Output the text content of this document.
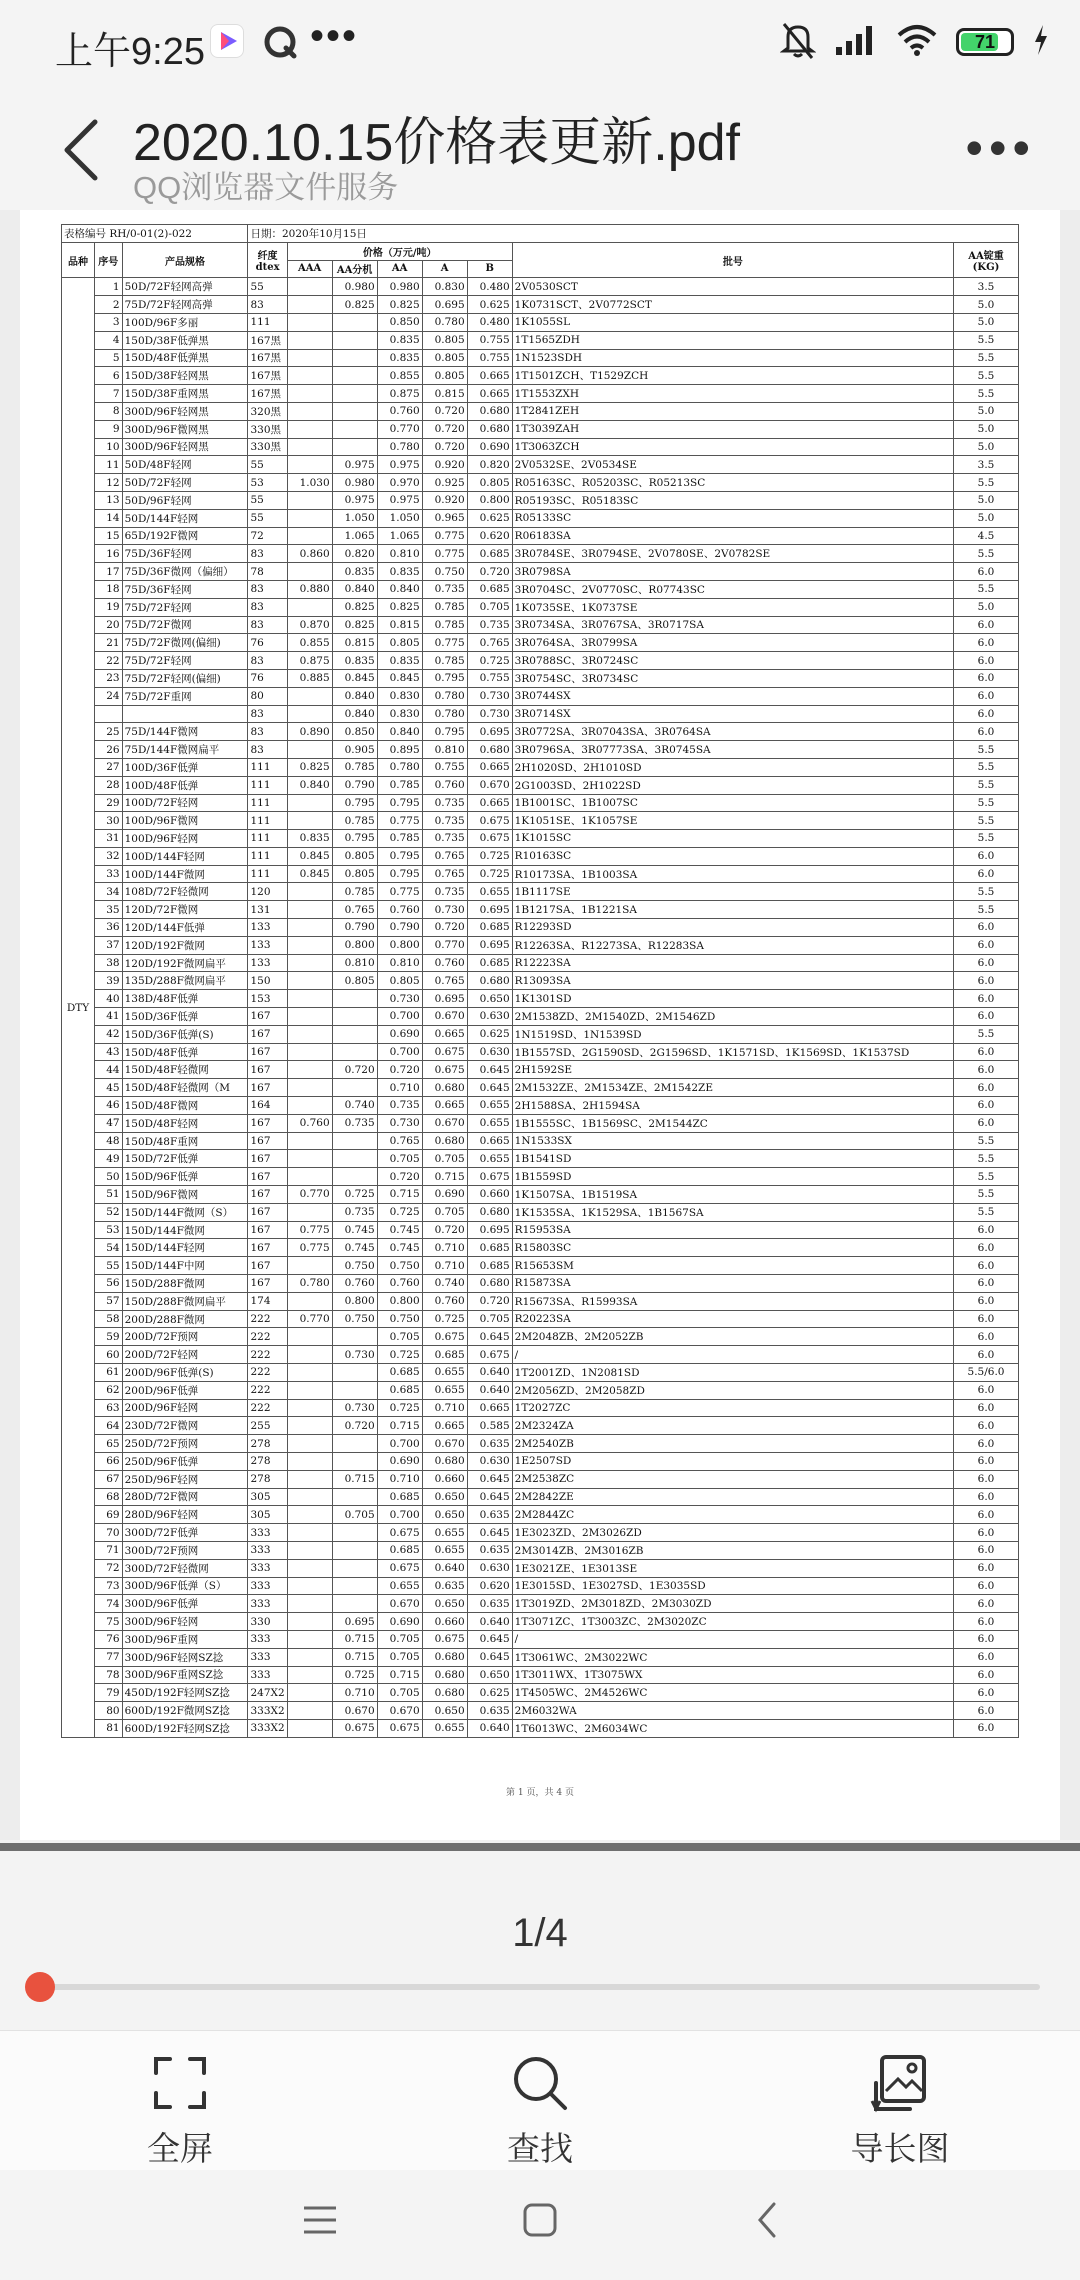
上午9:25	•••	71
2020.10.15价格表更新.pdf
QQ浏览器文件服务
•••
表格编号 RH/0-01(2)-022			日期：2020年10月15日							
品种	序号	产品规格	纤度 dtex	价格（万元/吨）					批号	AA锭重 (KG)
				AAA	AA分机	AA	A	B		
DTY	1	50D/72F轻网高弹	55		0.980	0.980	0.830	0.480	2V0530SCT	3.5
	2	75D/72F轻网高弹	83		0.825	0.825	0.695	0.625	1K0731SCT、2V0772SCT	5.0
	3	100D/96F多丽	111			0.850	0.780	0.480	1K1055SL	5.0
	4	150D/38F低弹黑	167黑			0.835	0.805	0.755	1T1565ZDH	5.5
	5	150D/48F低弹黑	167黑			0.835	0.805	0.755	1N1523SDH	5.5
	6	150D/38F轻网黑	167黑			0.855	0.805	0.665	1T1501ZCH、T1529ZCH	5.5
	7	150D/38F重网黑	167黑			0.875	0.815	0.665	1T1553ZXH	5.5
	8	300D/96F轻网黑	320黑			0.760	0.720	0.680	1T2841ZEH	5.0
	9	300D/96F微网黑	330黑			0.770	0.720	0.680	1T3039ZAH	5.0
	10	300D/96F轻网黑	330黑			0.780	0.720	0.690	1T3063ZCH	5.0
	11	50D/48F轻网	55		0.975	0.975	0.920	0.820	2V0532SE、2V0534SE	3.5
	12	50D/72F轻网	53	1.030	0.980	0.970	0.925	0.805	R05163SC、R05203SC、R05213SC	5.5
	13	50D/96F轻网	55		0.975	0.975	0.920	0.800	R05193SC、R05183SC	5.0
	14	50D/144F轻网	55		1.050	1.050	0.965	0.625	R05133SC	5.0
	15	65D/192F微网	72		1.065	1.065	0.775	0.620	R06183SA	4.5
	16	75D/36F轻网	83	0.860	0.820	0.810	0.775	0.685	3R0784SE、3R0794SE、2V0780SE、2V0782SE	5.5
	17	75D/36F微网（偏细）	78		0.835	0.835	0.750	0.720	3R0798SA	6.0
	18	75D/36F轻网	83	0.880	0.840	0.840	0.735	0.685	3R0704SC、2V0770SC、R07743SC	5.5
	19	75D/72F轻网	83		0.825	0.825	0.785	0.705	1K0735SE、1K0737SE	5.0
	20	75D/72F微网	83	0.870	0.825	0.815	0.785	0.735	3R0734SA、3R0767SA、3R0717SA	6.0
	21	75D/72F微网(偏细)	76	0.855	0.815	0.805	0.775	0.765	3R0764SA、3R0799SA	6.0
	22	75D/72F轻网	83	0.875	0.835	0.835	0.785	0.725	3R0788SC、3R0724SC	6.0
	23	75D/72F轻网(偏细)	76	0.885	0.845	0.845	0.795	0.755	3R0754SC、3R0734SC	6.0
	24	75D/72F重网	80		0.840	0.830	0.780	0.730	3R0744SX	6.0
			83		0.840	0.830	0.780	0.730	3R0714SX	6.0
	25	75D/144F微网	83	0.890	0.850	0.840	0.795	0.695	3R0772SA、3R07043SA、3R0764SA	6.0
	26	75D/144F微网扁平	83		0.905	0.895	0.810	0.680	3R0796SA、3R07773SA、3R0745SA	5.5
	27	100D/36F低弹	111	0.825	0.785	0.780	0.755	0.665	2H1020SD、2H1010SD	5.5
	28	100D/48F低弹	111	0.840	0.790	0.785	0.760	0.670	2G1003SD、2H1022SD	5.5
	29	100D/72F轻网	111		0.795	0.795	0.735	0.665	1B1001SC、1B1007SC	5.5
	30	100D/96F微网	111		0.785	0.775	0.735	0.675	1K1051SE、1K1057SE	5.5
	31	100D/96F轻网	111	0.835	0.795	0.785	0.735	0.675	1K1015SC	5.5
	32	100D/144F轻网	111	0.845	0.805	0.795	0.765	0.725	R10163SC	6.0
	33	100D/144F微网	111	0.845	0.805	0.795	0.765	0.725	R10173SA、1B1003SA	6.0
	34	108D/72F轻微网	120		0.785	0.775	0.735	0.655	1B1117SE	5.5
	35	120D/72F微网	131		0.765	0.760	0.730	0.695	1B1217SA、1B1221SA	5.5
	36	120D/144F低弹	133		0.790	0.790	0.720	0.685	R12293SD	6.0
	37	120D/192F微网	133		0.800	0.800	0.770	0.695	R12263SA、R12273SA、R12283SA	6.0
	38	120D/192F微网扁平	133		0.810	0.810	0.760	0.685	R12223SA	6.0
	39	135D/288F微网扁平	150		0.805	0.805	0.765	0.680	R13093SA	6.0
	40	138D/48F低弹	153			0.730	0.695	0.650	1K1301SD	6.0
	41	150D/36F低弹	167			0.700	0.670	0.630	2M1538ZD、2M1540ZD、2M1546ZD	6.0
	42	150D/36F低弹(S)	167			0.690	0.665	0.625	1N1519SD、1N1539SD	5.5
	43	150D/48F低弹	167			0.700	0.675	0.630	1B1557SD、2G1590SD、2G1596SD、1K1571SD、1K1569SD、1K1537SD	6.0
	44	150D/48F轻微网	167		0.720	0.720	0.675	0.645	2H1592SE	6.0
	45	150D/48F轻微网（M	167			0.710	0.680	0.645	2M1532ZE、2M1534ZE、2M1542ZE	6.0
	46	150D/48F微网	164		0.740	0.735	0.665	0.655	2H1588SA、2H1594SA	6.0
	47	150D/48F轻网	167	0.760	0.735	0.730	0.670	0.655	1B1555SC、1B1569SC、2M1544ZC	6.0
	48	150D/48F重网	167			0.765	0.680	0.665	1N1533SX	5.5
	49	150D/72F低弹	167			0.705	0.705	0.655	1B1541SD	5.5
	50	150D/96F低弹	167			0.720	0.715	0.675	1B1559SD	5.5
	51	150D/96F微网	167	0.770	0.725	0.715	0.690	0.660	1K1507SA、1B1519SA	5.5
	52	150D/144F微网（S）	167		0.735	0.725	0.705	0.680	1K1535SA、1K1529SA、1B1567SA	5.5
	53	150D/144F微网	167	0.775	0.745	0.745	0.720	0.695	R15953SA	6.0
	54	150D/144F轻网	167	0.775	0.745	0.745	0.710	0.685	R15803SC	6.0
	55	150D/144F中网	167		0.750	0.750	0.710	0.685	R15653SM	6.0
	56	150D/288F微网	167	0.780	0.760	0.760	0.740	0.680	R15873SA	6.0
	57	150D/288F微网扁平	174		0.800	0.800	0.760	0.720	R15673SA、R15993SA	6.0
	58	200D/288F微网	222	0.770	0.750	0.750	0.725	0.705	R20223SA	6.0
	59	200D/72F预网	222			0.705	0.675	0.645	2M2048ZB、2M2052ZB	6.0
	60	200D/72F轻网	222		0.730	0.725	0.685	0.675	/	6.0
	61	200D/96F低弹(S)	222			0.685	0.655	0.640	1T2001ZD、1N2081SD	5.5/6.0
	62	200D/96F低弹	222			0.685	0.655	0.640	2M2056ZD、2M2058ZD	6.0
	63	200D/96F轻网	222		0.730	0.725	0.710	0.665	1T2027ZC	6.0
	64	230D/72F微网	255		0.720	0.715	0.665	0.585	2M2324ZA	6.0
	65	250D/72F预网	278			0.700	0.670	0.635	2M2540ZB	6.0
	66	250D/96F低弹	278			0.690	0.680	0.630	1E2507SD	6.0
	67	250D/96F轻网	278		0.715	0.710	0.660	0.645	2M2538ZC	6.0
	68	280D/72F微网	305			0.685	0.650	0.645	2M2842ZE	6.0
	69	280D/96F轻网	305		0.705	0.700	0.650	0.635	2M2844ZC	6.0
	70	300D/72F低弹	333			0.675	0.655	0.645	1E3023ZD、2M3026ZD	6.0
	71	300D/72F预网	333			0.685	0.655	0.635	2M3014ZB、2M3016ZB	6.0
	72	300D/72F轻微网	333			0.675	0.640	0.630	1E3021ZE、1E3013SE	6.0
	73	300D/96F低弹（S）	333			0.655	0.635	0.620	1E3015SD、1E3027SD、1E3035SD	6.0
	74	300D/96F低弹	333			0.670	0.650	0.635	1T3019ZD、2M3018ZD、2M3030ZD	6.0
	75	300D/96F轻网	330		0.695	0.690	0.660	0.640	1T3071ZC、1T3003ZC、2M3020ZC	6.0
	76	300D/96F重网	333		0.715	0.705	0.675	0.645	/	6.0
	77	300D/96F轻网SZ捻	333		0.715	0.705	0.680	0.645	1T3061WC、2M3022WC	6.0
	78	300D/96F重网SZ捻	333		0.725	0.715	0.680	0.650	1T3011WX、1T3075WX	6.0
	79	450D/192F轻网SZ捻	247X2		0.710	0.705	0.680	0.625	1T4505WC、2M4526WC	6.0
	80	600D/192F微网SZ捻	333X2		0.670	0.670	0.650	0.635	2M6032WA	6.0
	81	600D/192F轻网SZ捻	333X2		0.675	0.675	0.655	0.640	1T6013WC、2M6034WC	6.0
第 1 页，共 4 页
1/4
全屏	查找	导长图
